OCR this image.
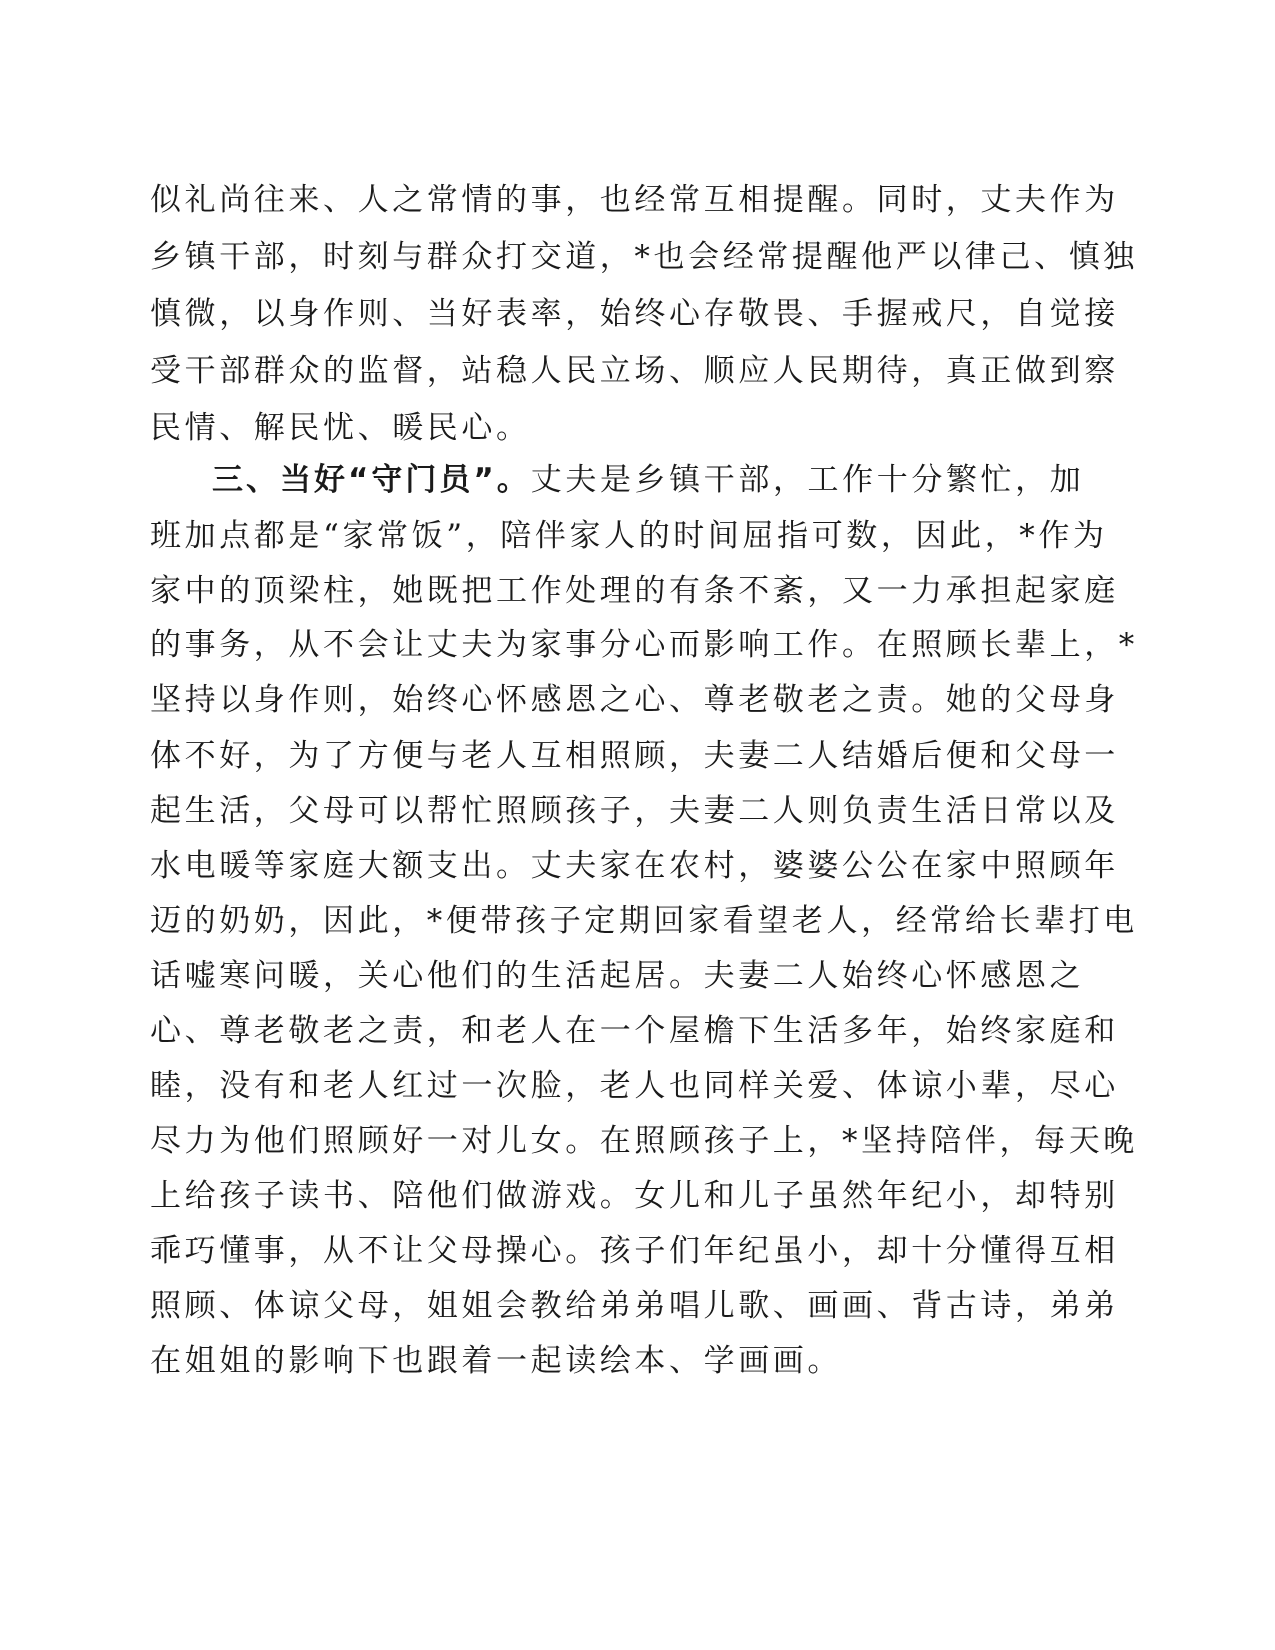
似礼尚往来、人之常情的事，也经常互相提醒。同时，丈夫作为
乡镇干部，时刻与群众打交道，*也会经常提醒他严以律己、慎独
慎微，以身作则、当好表率，始终心存敬畏、手握戒尺，自觉接
受干部群众的监督，站稳人民立场、顺应人民期待，真正做到察
民情、解民忧、暖民心。
三、当好“守门员”。丈夫是乡镇干部，工作十分繁忙，加
班加点都是“家常饭”，陪伴家人的时间屈指可数，因此，*作为
家中的顶梁柱，她既把工作处理的有条不紊，又一力承担起家庭
的事务，从不会让丈夫为家事分心而影响工作。在照顾长辈上，*
坚持以身作则，始终心怀感恩之心、尊老敬老之责。她的父母身
体不好，为了方便与老人互相照顾，夫妻二人结婚后便和父母一
起生活，父母可以帮忙照顾孩子，夫妻二人则负责生活日常以及
水电暖等家庭大额支出。丈夫家在农村，婆婆公公在家中照顾年
迈的奶奶，因此，*便带孩子定期回家看望老人，经常给长辈打电
话嘘寒问暖，关心他们的生活起居。夫妻二人始终心怀感恩之
心、尊老敬老之责，和老人在一个屋檐下生活多年，始终家庭和
睦，没有和老人红过一次脸，老人也同样关爱、体谅小辈，尽心
尽力为他们照顾好一对儿女。在照顾孩子上，*坚持陪伴，每天晚
上给孩子读书、陪他们做游戏。女儿和儿子虽然年纪小，却特别
乖巧懂事，从不让父母操心。孩子们年纪虽小，却十分懂得互相
照顾、体谅父母，姐姐会教给弟弟唱儿歌、画画、背古诗，弟弟
在姐姐的影响下也跟着一起读绘本、学画画。
